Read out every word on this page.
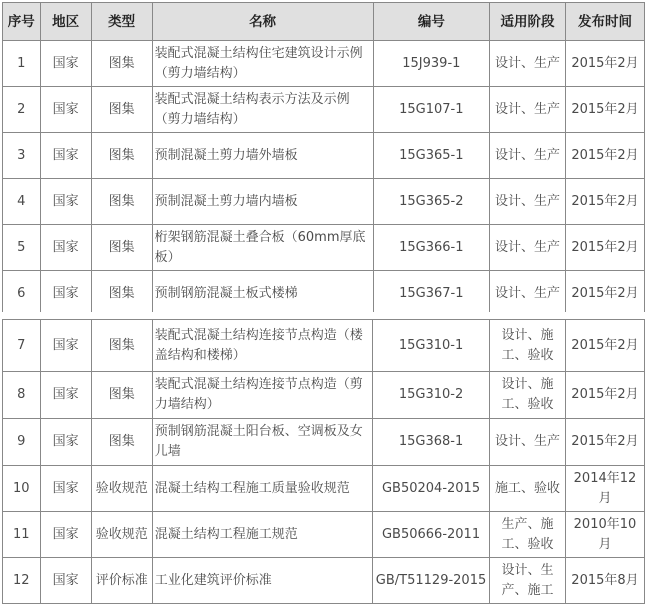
序号	地区	类型	名称	编号	适用阶段	发布时间
1	国家	图集	装配式混凝土结构住宅建筑设计示例（剪力墙结构）	15J939-1	设计、生产	2015年2月
2	国家	图集	装配式混凝土结构表示方法及示例（剪力墙结构）	15G107-1	设计、生产	2015年2月
3	国家	图集	预制混凝土剪力墙外墙板	15G365-1	设计、生产	2015年2月
4	国家	图集	预制混凝土剪力墙内墙板	15G365-2	设计、生产	2015年2月
5	国家	图集	桁架钢筋混凝土叠合板（60mm厚底板）	15G366-1	设计、生产	2015年2月
6	国家	图集	预制钢筋混凝土板式楼梯	15G367-1	设计、生产	2015年2月
7	国家	图集	装配式混凝土结构连接节点构造（楼盖结构和楼梯）	15G310-1	设计、施工、验收	2015年2月
8	国家	图集	装配式混凝土结构连接节点构造（剪力墙结构）	15G310-2	设计、施工、验收	2015年2月
9	国家	图集	预制钢筋混凝土阳台板、空调板及女儿墙	15G368-1	设计、生产	2015年2月
10	国家	验收规范	混凝土结构工程施工质量验收规范	GB50204-2015	施工、验收	2014年12月
11	国家	验收规范	混凝土结构工程施工规范	GB50666-2011	生产、施工、验收	2010年10月
12	国家	评价标准	工业化建筑评价标准	GB/T51129-2015	设计、生产、施工	2015年8月
